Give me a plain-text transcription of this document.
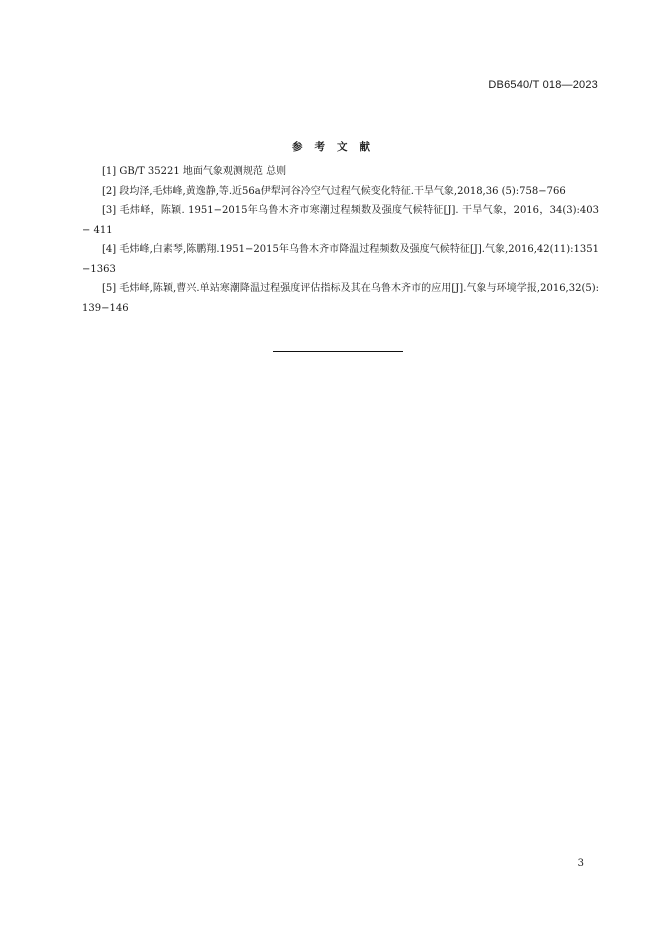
DB6540/T 018—2023
参考文献
[1] GB/T 35221 地面气象观测规范 总则
[2] 段均泽,毛炜峰,黄逸静,等.近56a伊犁河谷冷空气过程气候变化特征.干旱气象,2018,36 (5):758−766
[3] 毛炜峄，陈颖. 1951−2015年乌鲁木齐市寒潮过程频数及强度气候特征[J]. 干旱气象，2016，34(3):403 − 411
[4] 毛炜峰,白素琴,陈鹏翔.1951−2015年乌鲁木齐市降温过程频数及强度气候特征[J].气象,2016,42(11):1351−1363
[5] 毛炜峄,陈颖,曹兴.单站寒潮降温过程强度评估指标及其在乌鲁木齐市的应用[J].气象与环境学报,2016,32(5):139−146
3
